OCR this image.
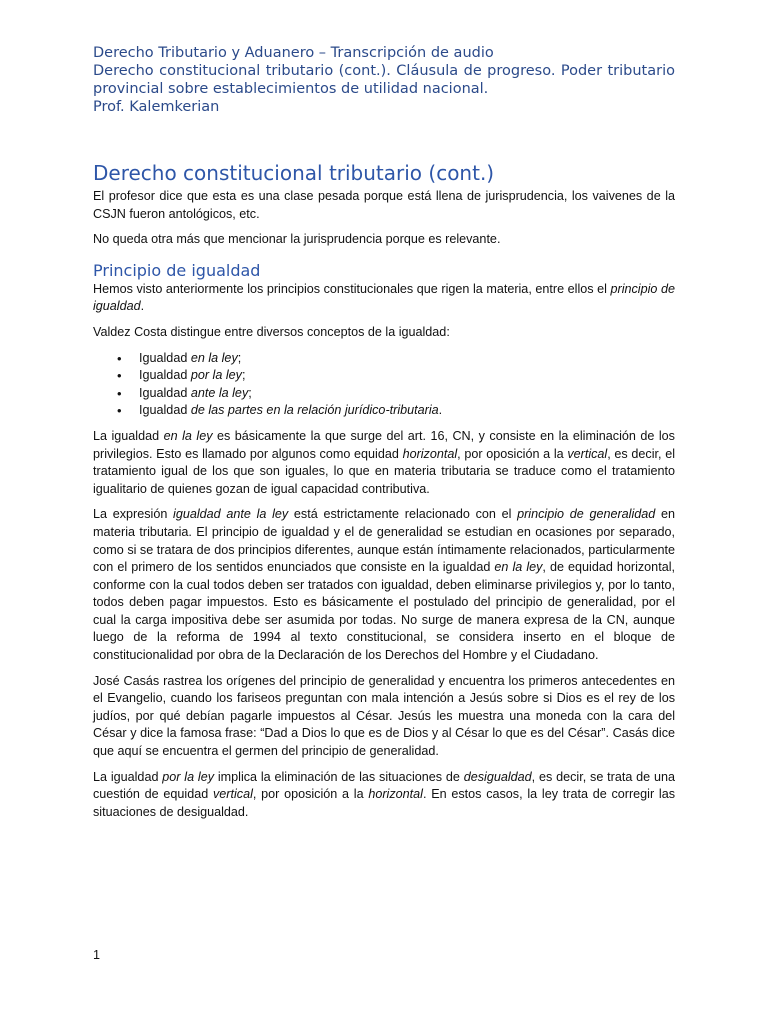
Derecho Tributario y Aduanero – Transcripción de audio
Derecho constitucional tributario (cont.). Cláusula de progreso. Poder tributario provincial sobre establecimientos de utilidad nacional.
Prof. Kalemkerian
Derecho constitucional tributario (cont.)

El profesor dice que esta es una clase pesada porque está llena de jurisprudencia, los vaivenes de la CSJN fueron antológicos, etc.

No queda otra más que mencionar la jurisprudencia porque es relevante.

Principio de igualdad

Hemos visto anteriormente los principios constitucionales que rigen la materia, entre ellos el principio de igualdad.

Valdez Costa distingue entre diversos conceptos de la igualdad:

• Igualdad en la ley;
• Igualdad por la ley;
• Igualdad ante la ley;
• Igualdad de las partes en la relación jurídico-tributaria.

La igualdad en la ley es básicamente la que surge del art. 16, CN, y consiste en la eliminación de los privilegios. Esto es llamado por algunos como equidad horizontal, por oposición a la vertical, es decir, el tratamiento igual de los que son iguales, lo que en materia tributaria se traduce como el tratamiento igualitario de quienes gozan de igual capacidad contributiva.

La expresión igualdad ante la ley está estrictamente relacionado con el principio de generalidad en materia tributaria. El principio de igualdad y el de generalidad se estudian en ocasiones por separado, como si se tratara de dos principios diferentes, aunque están íntimamente relacionados, particularmente con el primero de los sentidos enunciados que consiste en la igualdad en la ley, de equidad horizontal, conforme con la cual todos deben ser tratados con igualdad, deben eliminarse privilegios y, por lo tanto, todos deben pagar impuestos. Esto es básicamente el postulado del principio de generalidad, por el cual la carga impositiva debe ser asumida por todas. No surge de manera expresa de la CN, aunque luego de la reforma de 1994 al texto constitucional, se considera inserto en el bloque de constitucionalidad por obra de la Declaración de los Derechos del Hombre y el Ciudadano.

José Casás rastrea los orígenes del principio de generalidad y encuentra los primeros antecedentes en el Evangelio, cuando los fariseos preguntan con mala intención a Jesús sobre si Dios es el rey de los judíos, por qué debían pagarle impuestos al César. Jesús les muestra una moneda con la cara del César y dice la famosa frase: “Dad a Dios lo que es de Dios y al César lo que es del César”. Casás dice que aquí se encuentra el germen del principio de generalidad.

La igualdad por la ley implica la eliminación de las situaciones de desigualdad, es decir, se trata de una cuestión de equidad vertical, por oposición a la horizontal. En estos casos, la ley trata de corregir las situaciones de desigualdad.

1
